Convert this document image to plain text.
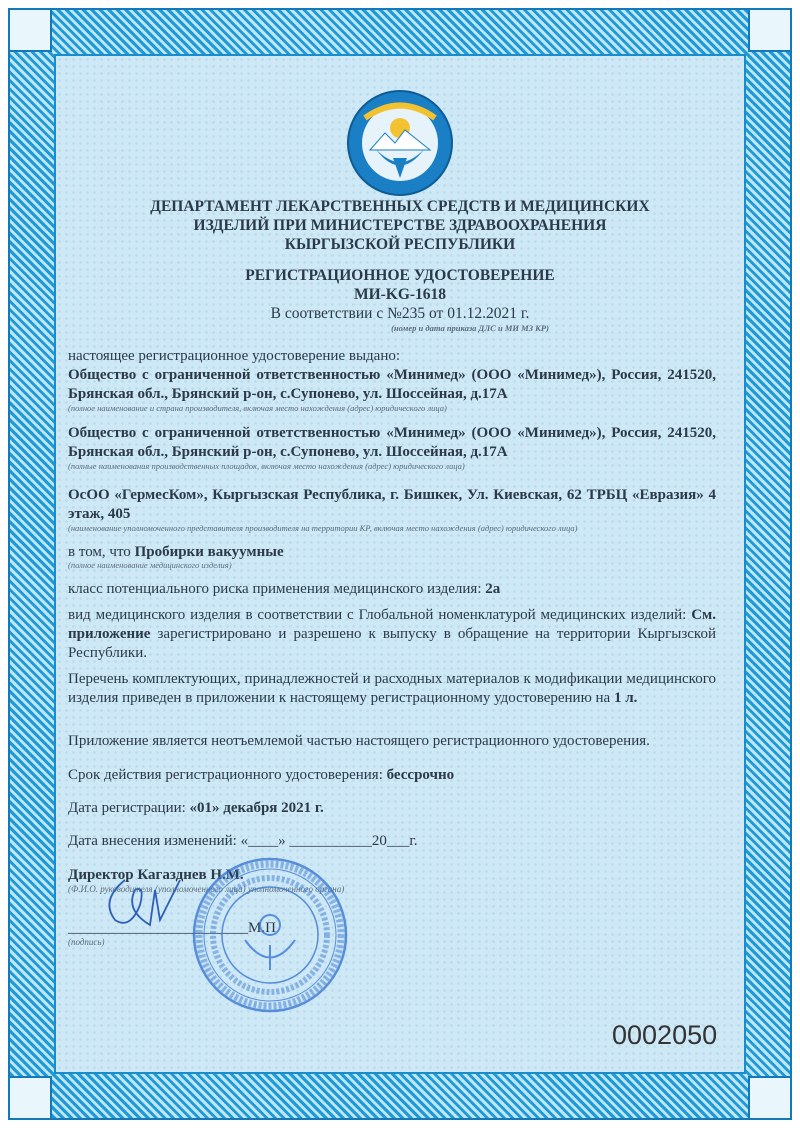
ДЕПАРТАМЕНТ ЛЕКАРСТВЕННЫХ СРЕДСТВ И МЕДИЦИНСКИХ
ИЗДЕЛИЙ ПРИ МИНИСТЕРСТВЕ ЗДРАВООХРАНЕНИЯ
КЫРГЫЗСКОЙ РЕСПУБЛИКИ
РЕГИСТРАЦИОННОЕ УДОСТОВЕРЕНИЕ
МИ-KG-1618
В соответствии с №235 от 01.12.2021 г.
(номер и дата приказа ДЛС и МИ МЗ КР)
настоящее регистрационное удостоверение выдано:
Общество с ограниченной ответственностью «Минимед» (ООО «Минимед»), Россия, 241520, Брянская обл., Брянский р-он, с.Супонево, ул. Шоссейная, д.17А
(полное наименование и страна производителя, включая место нахождения (адрес) юридического лица)
Общество с ограниченной ответственностью «Минимед» (ООО «Минимед»), Россия, 241520, Брянская обл., Брянский р-он, с.Супонево, ул. Шоссейная, д.17А
(полные наименования производственных площадок, включая место нахождения (адрес) юридического лица)
ОсОО «ГермесКом», Кыргызская Республика, г. Бишкек, Ул. Киевская, 62 ТРБЦ «Евразия» 4 этаж, 405
(наименование уполномоченного представителя производителя на территории КР, включая место нахождения (адрес) юридического лица)
в том, что Пробирки вакуумные
(полное наименование медицинского изделия)
класс потенциального риска применения медицинского изделия: 2а
вид медицинского изделия в соответствии с Глобальной номенклатурой медицинских изделий: См. приложение зарегистрировано и разрешено к выпуску в обращение на территории Кыргызской Республики.
Перечень комплектующих, принадлежностей и расходных материалов к модификации медицинского изделия приведен в приложении к настоящему регистрационному удостоверению на 1 л.
Приложение является неотъемлемой частью настоящего регистрационного удостоверения.
Срок действия регистрационного удостоверения: бессрочно
Дата регистрации: «01» декабря 2021 г.
Дата внесения изменений: «____» ___________20___г.
Директор Кагазднев Н.М.
(Ф.И.О. руководителя (уполномоченного лица) уполномоченного органа)
________________________М.П
(подпись)
0002050
